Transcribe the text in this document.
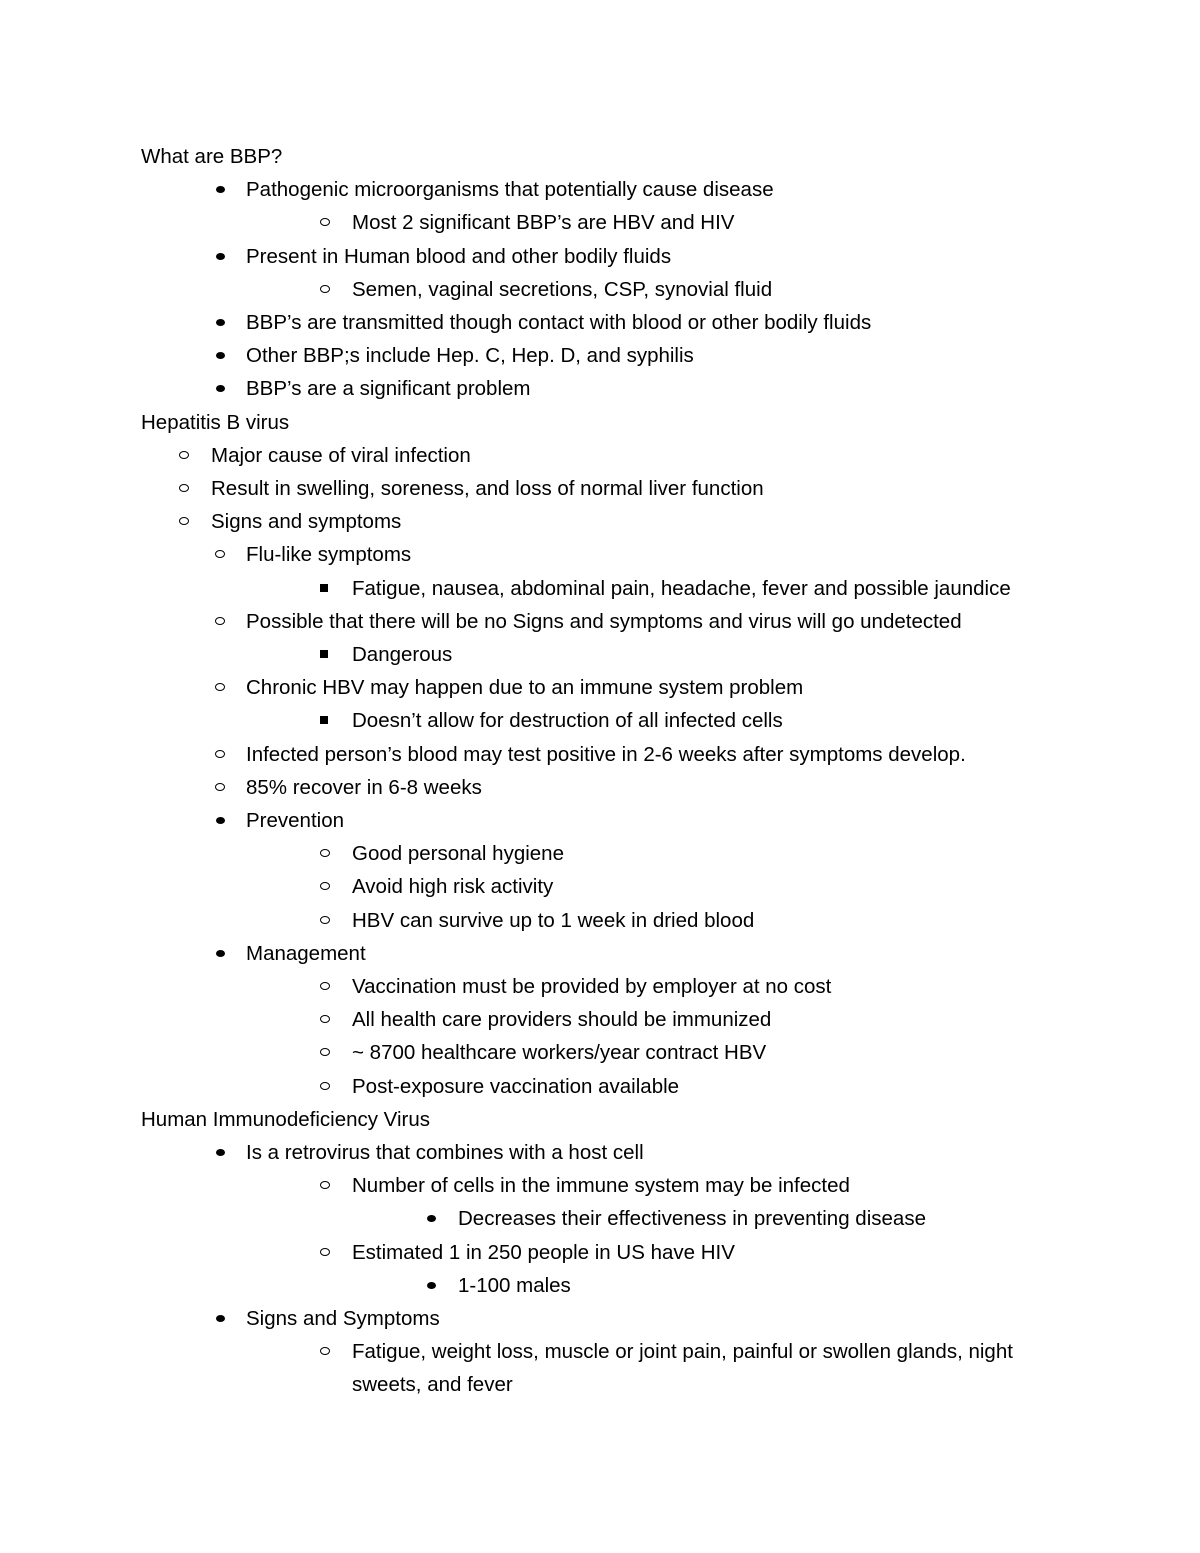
What are BBP?
Pathogenic microorganisms that potentially cause disease
Most 2 significant BBP’s are HBV and HIV
Present in Human blood and other bodily fluids
Semen, vaginal secretions, CSP, synovial fluid
BBP’s are transmitted though contact with blood or other bodily fluids
Other BBP;s include Hep. C, Hep. D, and syphilis
BBP’s are a significant problem
Hepatitis B virus
Major cause of viral infection
Result in swelling, soreness, and loss of normal liver function
Signs and symptoms
Flu-like symptoms
Fatigue, nausea, abdominal pain, headache, fever and possible jaundice
Possible that there will be no Signs and symptoms and virus will go undetected
Dangerous
Chronic HBV may happen due to an immune system problem
Doesn’t allow for destruction of all infected cells
Infected person’s blood may test positive in 2-6 weeks after symptoms develop.
85% recover in 6-8 weeks
Prevention
Good personal hygiene
Avoid high risk activity
HBV can survive up to 1 week in dried blood
Management
Vaccination must be provided by employer at no cost
All health care providers should be immunized
~ 8700 healthcare workers/year contract HBV
Post-exposure vaccination available
Human Immunodeficiency Virus
Is a retrovirus that combines with a host cell
Number of cells in the immune system may be infected
Decreases their effectiveness in preventing disease
Estimated 1 in 250 people in US have HIV
1-100 males
Signs and Symptoms
Fatigue, weight loss, muscle or joint pain, painful or swollen glands, night sweets, and fever
